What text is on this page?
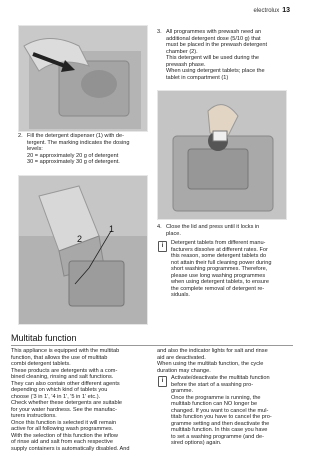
electrolux 13
1
2
2. Fill the detergent dispenser (1) with de-

tergent. The marking indicates the dosing

levels:

20 = approximately 20 g of detergent

30 = approximately 30 g of detergent.

3. All programmes with prewash need an

additional detergent dose (5/10 g) that

must be placed in the prewash detergent

chamber (2).

This detergent will be used during the

prewash phase.

When using detergent tablets; place the

tablet in compartment (1)

4. Close the lid and press until it locks in

place.

i	Detergent tablets from different manu-

facturers dissolve at different rates. For

this reason, some detergent tablets do

not attain their full cleaning power during

short washing programmes. Therefore,

please use long washing programmes

when using detergent tablets, to ensure

the complete removal of detergent re-

siduals.

Multitab function

This appliance is equipped with the multitab

function, that allows the use of multitab

combi detergent tablets.

These products are detergents with a com-

bined cleaning, rinsing and salt functions.

They can also contain other different agents

depending on which kind of tablets you

choose ('3 in 1', '4 in 1', '5 in 1' etc.).

Check whether these detergents are suitable

for your water hardness. See the manufac-

turers instructions.

Once this function is selected it will remain

active for all following wash programmes.

With the selection of this function the inflow

of rinse aid and salt from each respective

supply containers is automatically disabled. And

and also the indicator lights for salt and rinse

aid are deactivated.

When using the multitab function, the cycle

duration may change.

i	Activate/deactivate the multitab function

before the start of a washing pro-

gramme.

Once the programme is running, the

multitab function can NO longer be

changed. If you want to cancel the mul-

titab function you have to cancel the pro-

gramme setting and then deactivate the

multitab function. In this case you have

to set a washing programme (and de-

sired options) again.
